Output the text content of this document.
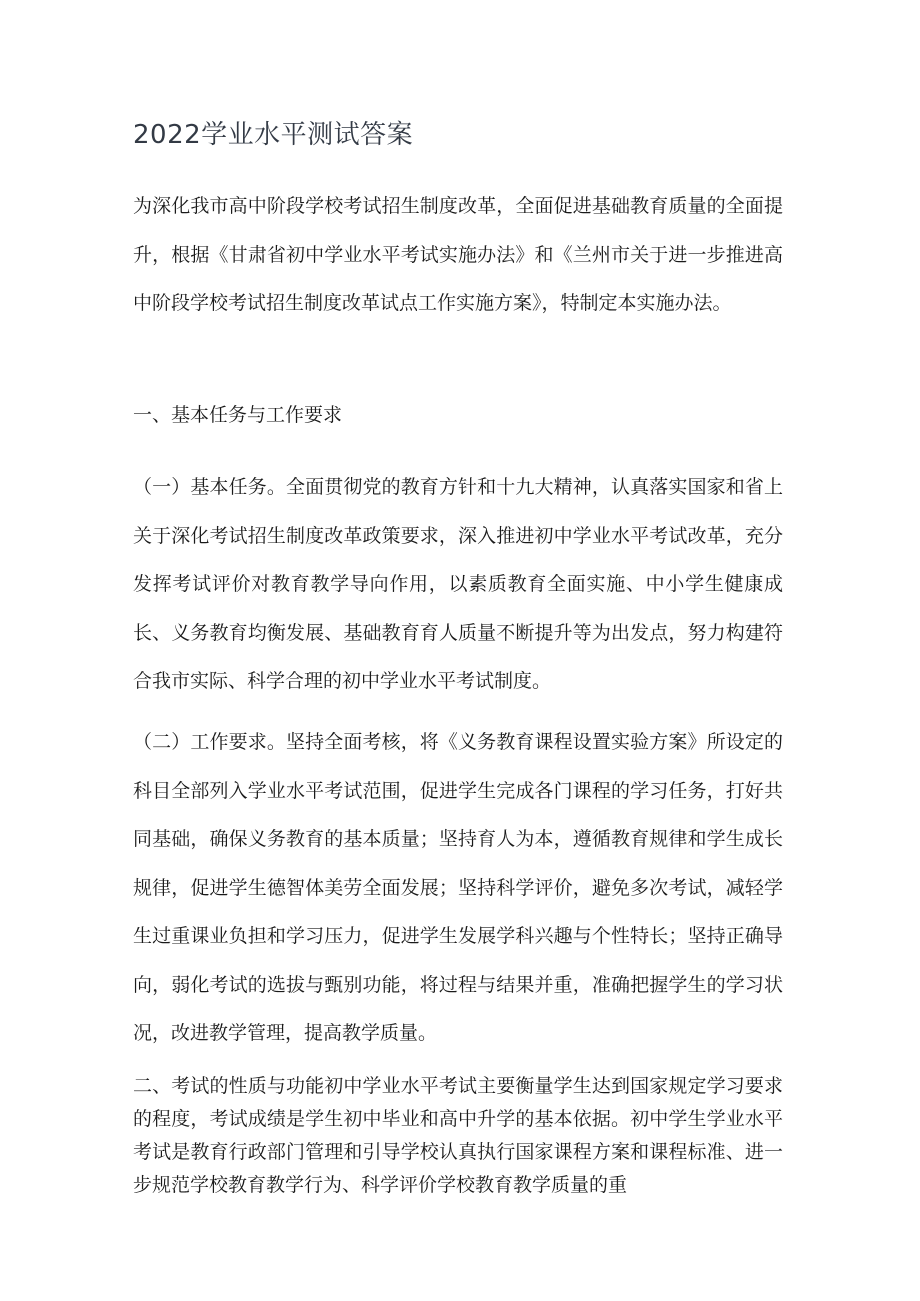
2022学业水平测试答案
为深化我市高中阶段学校考试招生制度改革，全面促进基础教育质量的全面提升，根据《甘肃省初中学业水平考试实施办法》和《兰州市关于进一步推进高中阶段学校考试招生制度改革试点工作实施方案》，特制定本实施办法。
一、基本任务与工作要求
（一）基本任务。全面贯彻党的教育方针和十九大精神，认真落实国家和省上关于深化考试招生制度改革政策要求，深入推进初中学业水平考试改革，充分发挥考试评价对教育教学导向作用，以素质教育全面实施、中小学生健康成长、义务教育均衡发展、基础教育育人质量不断提升等为出发点，努力构建符合我市实际、科学合理的初中学业水平考试制度。
（二）工作要求。坚持全面考核，将《义务教育课程设置实验方案》所设定的科目全部列入学业水平考试范围，促进学生完成各门课程的学习任务，打好共同基础，确保义务教育的基本质量；坚持育人为本，遵循教育规律和学生成长规律，促进学生德智体美劳全面发展；坚持科学评价，避免多次考试，减轻学生过重课业负担和学习压力，促进学生发展学科兴趣与个性特长；坚持正确导向，弱化考试的选拔与甄别功能，将过程与结果并重，准确把握学生的学习状况，改进教学管理，提高教学质量。
二、考试的性质与功能初中学业水平考试主要衡量学生达到国家规定学习要求的程度，考试成绩是学生初中毕业和高中升学的基本依据。初中学生学业水平考试是教育行政部门管理和引导学校认真执行国家课程方案和课程标准、进一步规范学校教育教学行为、科学评价学校教育教学质量的重
